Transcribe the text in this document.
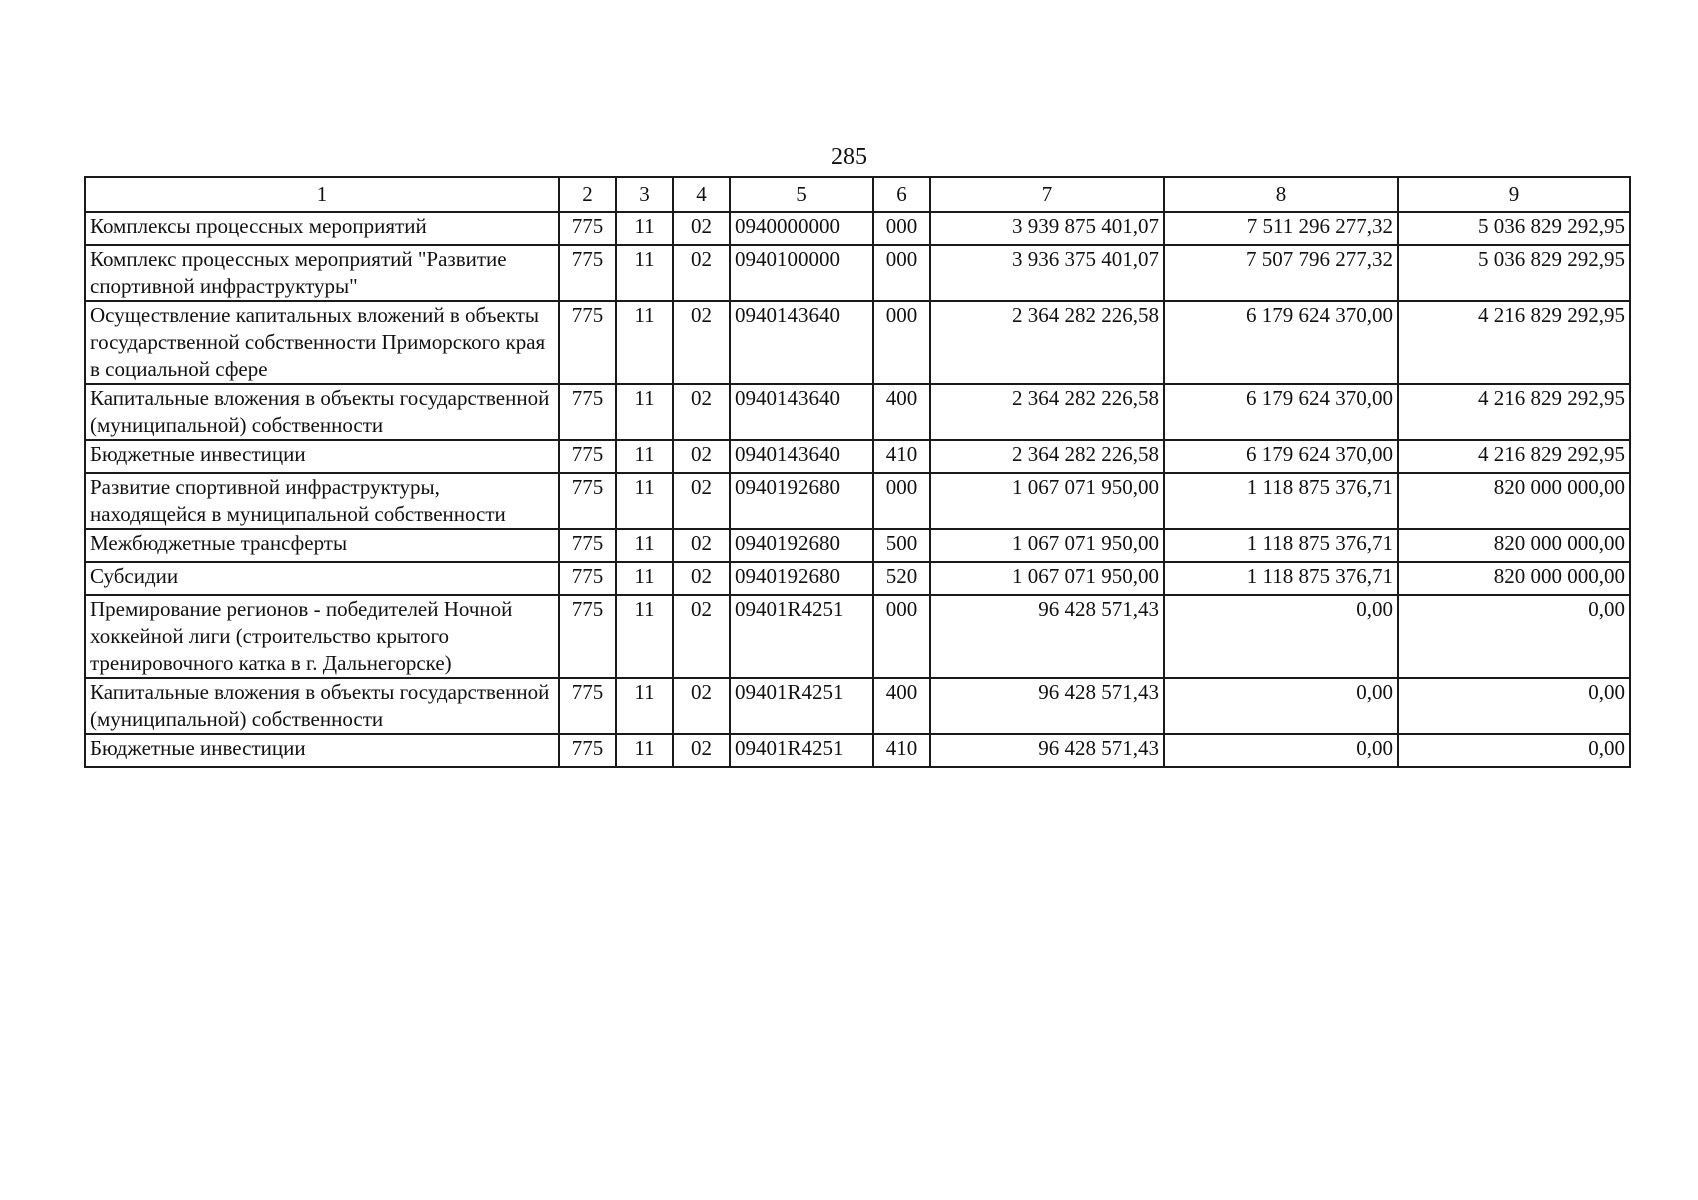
285
1	2	3	4	5	6	7	8	9
Комплексы процессных мероприятий	775	11	02	0940000000	000	3 939 875 401,07	7 511 296 277,32	5 036 829 292,95
Комплекс процессных мероприятий "Развитие спортивной инфраструктуры"	775	11	02	0940100000	000	3 936 375 401,07	7 507 796 277,32	5 036 829 292,95
Осуществление капитальных вложений в объекты государственной собственности Приморского края в социальной сфере	775	11	02	0940143640	000	2 364 282 226,58	6 179 624 370,00	4 216 829 292,95
Капитальные вложения в объекты государственной (муниципальной) собственности	775	11	02	0940143640	400	2 364 282 226,58	6 179 624 370,00	4 216 829 292,95
Бюджетные инвестиции	775	11	02	0940143640	410	2 364 282 226,58	6 179 624 370,00	4 216 829 292,95
Развитие спортивной инфраструктуры, находящейся в муниципальной собственности	775	11	02	0940192680	000	1 067 071 950,00	1 118 875 376,71	820 000 000,00
Межбюджетные трансферты	775	11	02	0940192680	500	1 067 071 950,00	1 118 875 376,71	820 000 000,00
Субсидии	775	11	02	0940192680	520	1 067 071 950,00	1 118 875 376,71	820 000 000,00
Премирование регионов - победителей Ночной хоккейной лиги (строительство крытого тренировочного катка в г. Дальнегорске)	775	11	02	09401R4251	000	96 428 571,43	0,00	0,00
Капитальные вложения в объекты государственной (муниципальной) собственности	775	11	02	09401R4251	400	96 428 571,43	0,00	0,00
Бюджетные инвестиции	775	11	02	09401R4251	410	96 428 571,43	0,00	0,00
